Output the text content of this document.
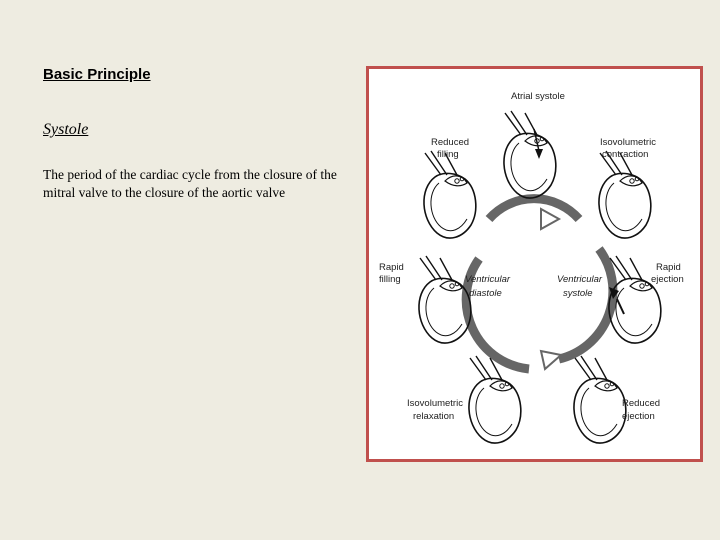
Basic Principle
Systole
The period of the cardiac cycle from the closure of the mitral valve to the closure of the aortic valve
Atrial systole
Reduced
filling
Isovolumetric
contraction
Rapid
filling	Ventricular
diastole
Ventricular
systole
Rapid
ejection
Isovolumetric
relaxation
Reduced
ejection
